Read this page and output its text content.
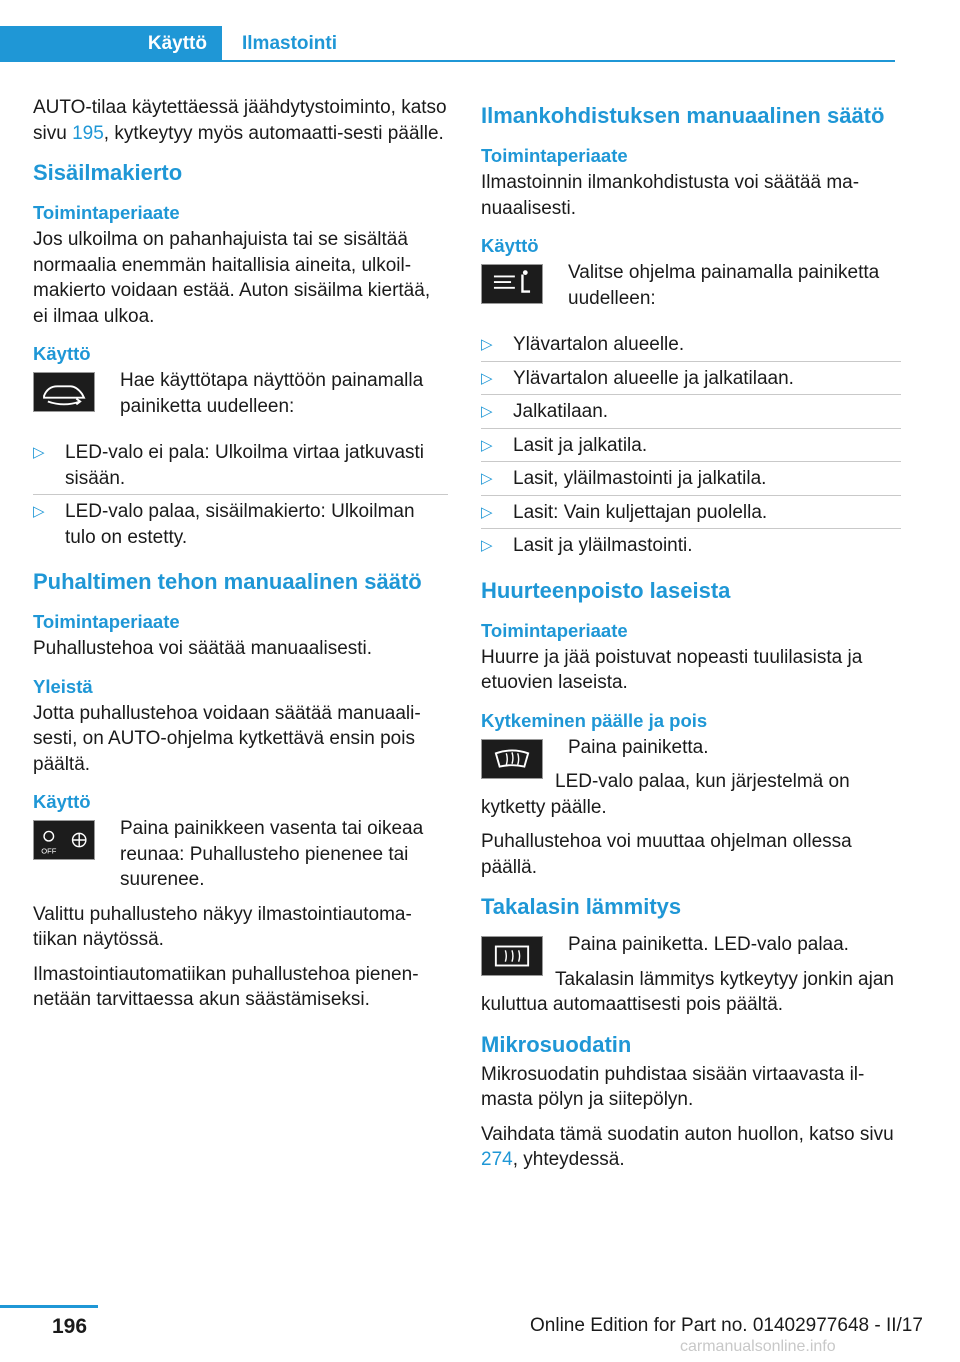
Käyttö	Ilmastointi

AUTO-tilaa käytettäessä jäähdytystoiminto, katso sivu 195, kytkeytyy myös automaatti‐sesti päälle.

Sisäilmakierto
Toimintaperiaate

Jos ulkoilma on pahanhajuista tai se sisältää normaalia enemmän haitallisia aineita, ulkoil‐makierto voidaan estää. Auton sisäilma kiertää, ei ilmaa ulkoa.

Käyttö

Hae käyttötapa näyttöön painamalla painiketta uudelleen:

▷ LED-valo ei pala: Ulkoilma virtaa jatkuvasti sisään.
▷ LED-valo palaa, sisäilmakierto: Ulkoilman tulo on estetty.
Puhaltimen tehon manuaalinen säätö
Toimintaperiaate

Puhallustehoa voi säätää manuaalisesti.

Yleistä

Jotta puhallustehoa voidaan säätää manuaali‐sesti, on AUTO-ohjelma kytkettävä ensin pois päältä.

Käyttö
OFF

Paina painikkeen vasenta tai oikeaa reunaa: Puhallusteho pienenee tai suurenee.

Valittu puhallusteho näkyy ilmastointiautoma‐tiikan näytössä.

Ilmastointiautomatiikan puhallustehoa pienen‐netään tarvittaessa akun säästämiseksi.

Ilmankohdistuksen manuaalinen säätö
Toimintaperiaate

Ilmastoinnin ilmankohdistusta voi säätää ma‐nuaalisesti.

Käyttö

Valitse ohjelma painamalla painiketta uudelleen:

▷ Ylävartalon alueelle.
▷ Ylävartalon alueelle ja jalkatilaan.
▷ Jalkatilaan.
▷ Lasit ja jalkatila.
▷ Lasit, yläilmastointi ja jalkatila.
▷ Lasit: Vain kuljettajan puolella.
▷ Lasit ja yläilmastointi.
Huurteenpoisto laseista
Toimintaperiaate

Huurre ja jää poistuvat nopeasti tuulilasista ja etuovien laseista.

Kytkeminen päälle ja pois

Paina painiketta.

LED-valo palaa, kun järjestelmä on kytketty päälle.

Puhallustehoa voi muuttaa ohjelman ollessa päällä.

Takalasin lämmitys

Paina painiketta. LED-valo palaa.

Takalasin lämmitys kytkeytyy jonkin ajan kuluttua automaattisesti pois päältä.

Mikrosuodatin

Mikrosuodatin puhdistaa sisään virtaavasta il‐masta pölyn ja siitepölyn.

Vaihdata tämä suodatin auton huollon, katso sivu 274, yhteydessä.

196	Online Edition for Part no. 01402977648 - II/17
carmanualsonline.info
